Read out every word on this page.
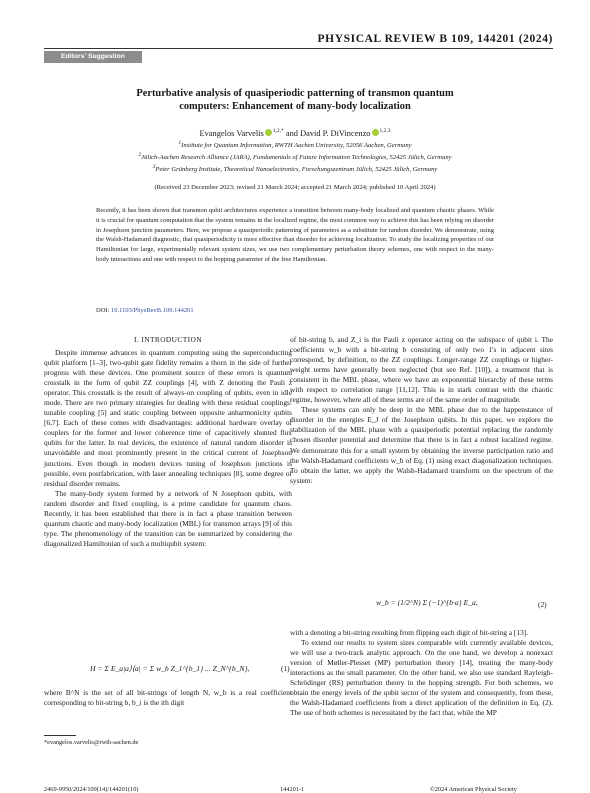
PHYSICAL REVIEW B 109, 144201 (2024)
Editors' Suggestion
Perturbative analysis of quasiperiodic patterning of transmon quantum
computers: Enhancement of many-body localization
Evangelos Varvelis $^{1,2,*}$ and David P. DiVincenzo $^{1,2,3}$
$^1$Institute for Quantum Information, RWTH Aachen University, 52056 Aachen, Germany
$^2$Jülich-Aachen Research Alliance (JARA), Fundamentals of Future Information Technologies, 52425 Jülich, Germany
$^3$Peter Grünberg Institute, Theoretical Nanoelectronics, Forschungszentrum Jülich, 52425 Jülich, Germany
(Received 23 December 2023; revised 21 March 2024; accepted 21 March 2024; published 10 April 2024)
Recently, it has been shown that transmon qubit architectures experience a transition between many-body localized and quantum chaotic phases. While it is crucial for quantum computation that the system remains in the localized regime, the most common way to achieve this has been relying on disorder in Josephson junction parameters. Here, we propose a quasiperiodic patterning of parameters as a substitute for random disorder. We demonstrate, using the Walsh-Hadamard diagnostic, that quasiperiodicity is more effective than disorder for achieving localization. To study the localizing properties of our Hamiltonian for large, experimentally relevant system sizes, we use two complementary perturbation theory schemes, one with respect to the many-body interactions and one with respect to the hopping parameter of the free Hamiltonian.
DOI: 10.1103/PhysRevB.109.144201
I. INTRODUCTION

Despite immense advances in quantum computing using the superconducting qubit platform [1–3], two-qubit gate fidelity remains a thorn in the side of further progress with these devices. One prominent source of these errors is quantum crosstalk in the form of qubit ZZ couplings [4], with Z denoting the Pauli z operator. This crosstalk is the result of always-on coupling of qubits, even in idle mode. There are two primary strategies for dealing with these residual couplings: tunable coupling [5] and static coupling between opposite anharmonicity qubits [6,7]. Each of these comes with disadvantages: additional hardware overlay of couplers for the former and lower coherence time of capacitively shunted flux qubits for the latter. In real devices, the existence of natural random disorder is unavoidable and most prominently present in the critical current of Josephson junctions. Even though in modern devices tuning of Josephson junctions is possible, even postfabrication, with laser annealing techniques [8], some degree of residual disorder remains.

The many-body system formed by a network of N Josephson qubits, with random disorder and fixed coupling, is a prime candidate for quantum chaos. Recently, it has been established that there is in fact a phase transition between quantum chaotic and many-body localization (MBL) for transmon arrays [9] of this type. The phenomenology of the transition can be summarized by considering the diagonalized Hamiltonian of such a multiqubit system:

H = Σ E_a|a⟩⟨a| = Σ w_b Z_1^{b_1} ... Z_N^{b_N},	(1)

where B^N is the set of all bit-strings of length N, w_b is a real coefficient corresponding to bit-string b, b_i is the ith digit

of bit-string b, and Z_i is the Pauli z operator acting on the subspace of qubit i. The coefficients w_b with a bit-string b consisting of only two 1's in adjacent sites correspond, by definition, to the ZZ couplings. Longer-range ZZ couplings or higher-weight terms have generally been neglected (but see Ref. [10]), a treatment that is consistent in the MBL phase, where we have an exponential hierarchy of these terms with respect to correlation range [11,12]. This is in stark contrast with the chaotic regime, however, where all of these terms are of the same order of magnitude.

These systems can only be deep in the MBL phase due to the happenstance of disorder in the energies E_J of the Josephson qubits. In this paper, we explore the stabilization of the MBL phase with a quasiperiodic potential replacing the randomly chosen disorder potential and determine that there is in fact a robust localized regime. We demonstrate this for a small system by obtaining the inverse participation ratio and the Walsh-Hadamard coefficients w_b of Eq. (1) using exact diagonalization techniques. To obtain the latter, we apply the Walsh-Hadamard transform on the spectrum of the system:

w_b = (1/2^N) Σ (−1)^{b·a} E_a,	(2)

with a denoting a bit-string resulting from flipping each digit of bit-string a [13].

To extend our results to system sizes comparable with currently available devices, we will use a two-track analytic approach. On the one hand, we develop a nonexact version of Møller-Plesset (MP) perturbation theory [14], treating the many-body interactions as the small parameter. On the other hand, we also use standard Rayleigh-Schrödinger (RS) perturbation theory in the hopping strength. For both schemes, we obtain the energy levels of the qubit sector of the system and consequently, from these, the Walsh-Hadamard coefficients from a direct application of the definition in Eq. (2). The use of both schemes is necessitated by the fact that, while the MP

*evangelos.varvelis@rwth-aachen.de
2469-9950/2024/109(14)/144201(10)	144201-1	©2024 American Physical Society
